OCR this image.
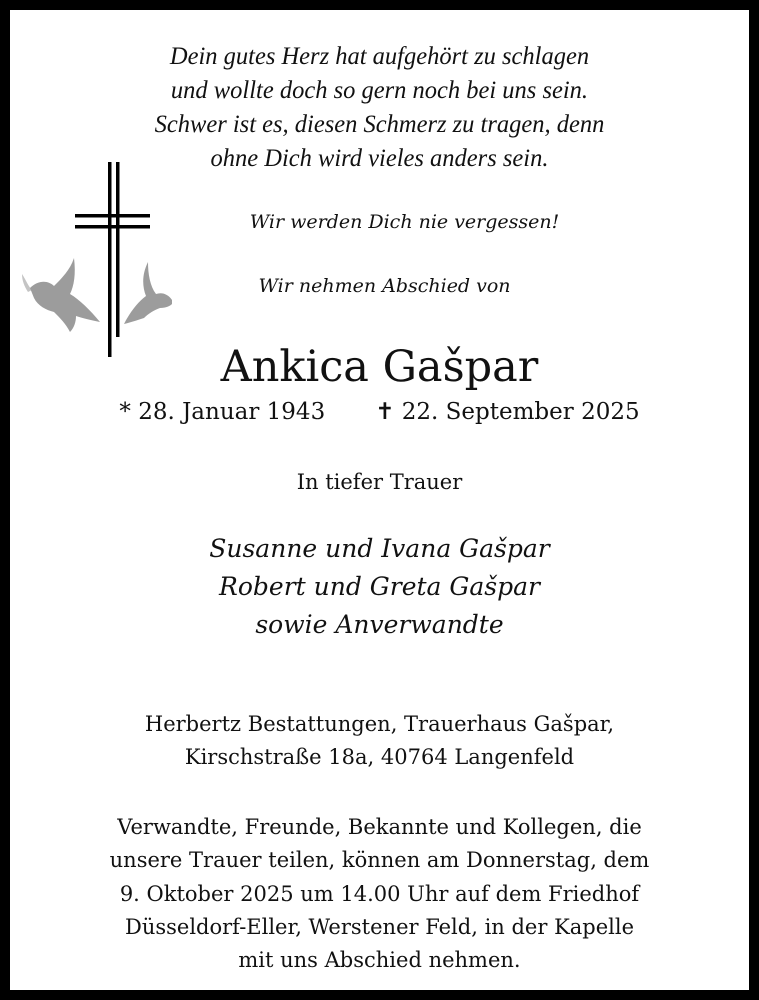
Dein gutes Herz hat aufgehört zu schlagen
und wollte doch so gern noch bei uns sein.
Schwer ist es, diesen Schmerz zu tragen, denn
ohne Dich wird vieles anders sein.
Wir werden Dich nie vergessen!
Wir nehmen Abschied von
Ankica Gašpar
* 28. Januar 1943 ✝ 22. September 2025
In tiefer Trauer
Susanne und Ivana Gašpar
Robert und Greta Gašpar
sowie Anverwandte
Herbertz Bestattungen, Trauerhaus Gašpar,
Kirschstraße 18a, 40764 Langenfeld
Verwandte, Freunde, Bekannte und Kollegen, die
unsere Trauer teilen, können am Donnerstag, dem
9. Oktober 2025 um 14.00 Uhr auf dem Friedhof
Düsseldorf-Eller, Werstener Feld, in der Kapelle
mit uns Abschied nehmen.
